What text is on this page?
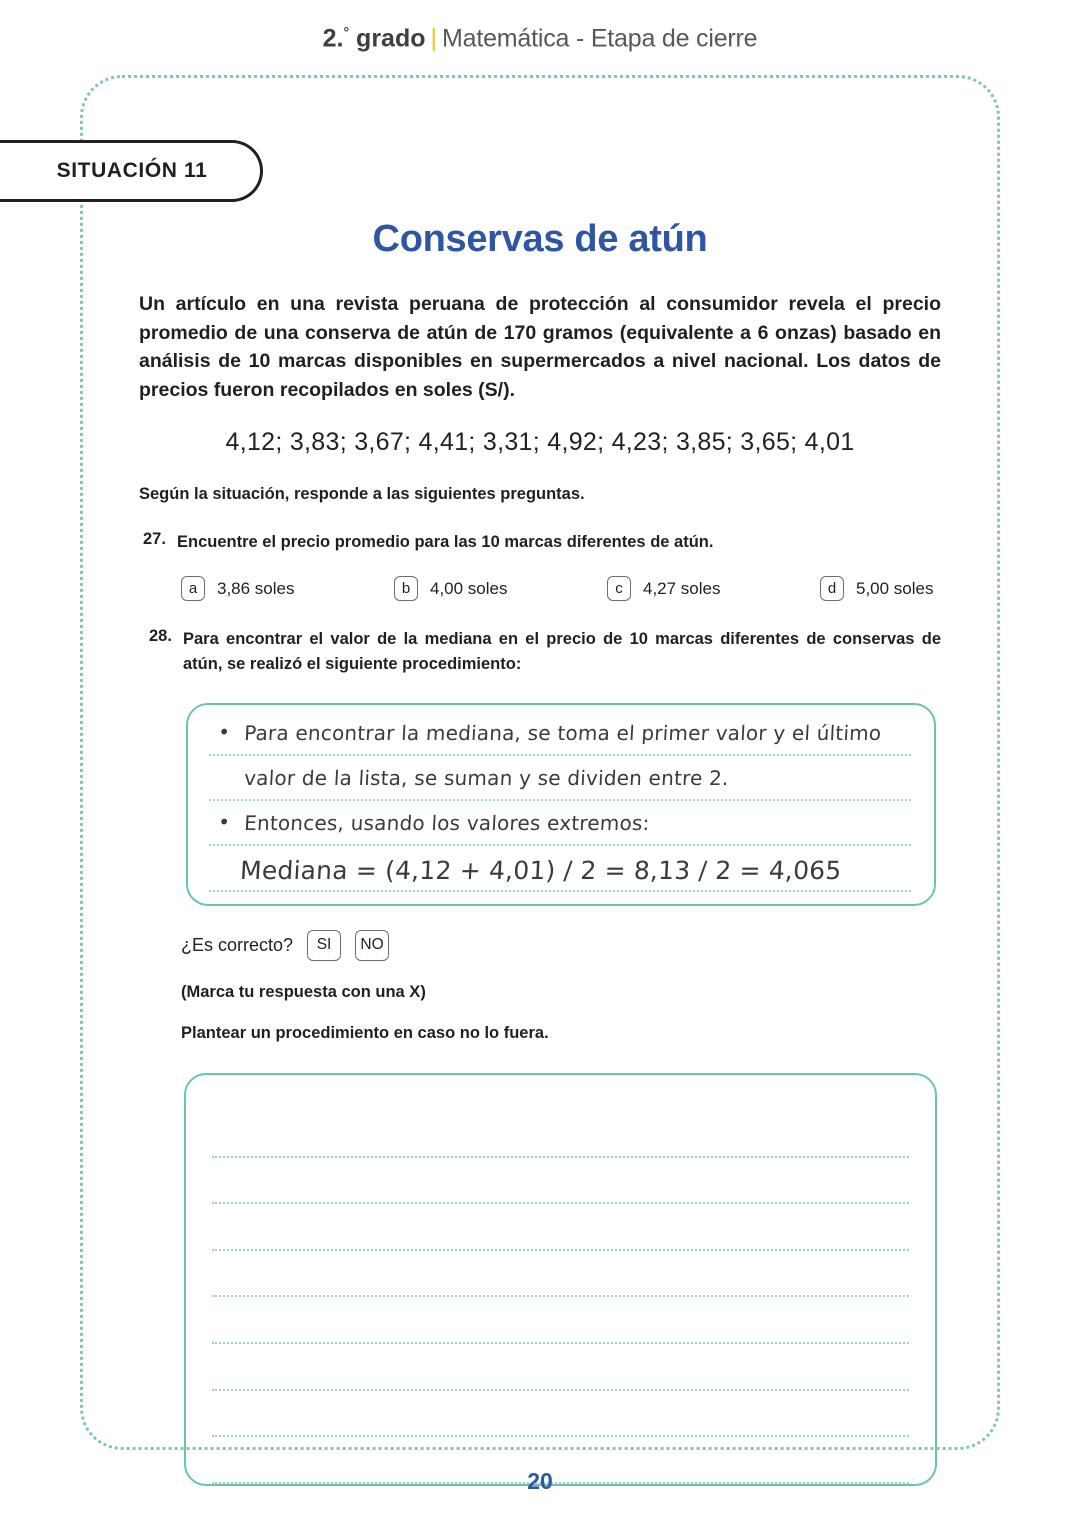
2.° grado | Matemática - Etapa de cierre
SITUACIÓN 11
Conservas de atún

Un artículo en una revista peruana de protección al consumidor revela el precio promedio de una conserva de atún de 170 gramos (equivalente a 6 onzas) basado en análisis de 10 marcas disponibles en supermercados a nivel nacional. Los datos de precios fueron recopilados en soles (S/).

4,12; 3,83; 3,67; 4,41; 3,31; 4,92; 4,23; 3,85; 3,65; 4,01
Según la situación, responde a las siguientes preguntas.
27. Encuentre el precio promedio para las 10 marcas diferentes de atún.
a	3,86 soles	b	4,00 soles	c	4,27 soles	d	5,00 soles
28. Para encontrar el valor de la mediana en el precio de 10 marcas diferentes de conservas de atún, se realizó el siguiente procedimiento:
• Para encontrar la mediana, se toma el primer valor y el último
valor de la lista, se suman y se dividen entre 2.
• Entonces, usando los valores extremos:
Mediana = (4,12 + 4,01) / 2 = 8,13 / 2 = 4,065
¿Es correcto?	SI	NO
(Marca tu respuesta con una X)
Plantear un procedimiento en caso no lo fuera.
20
